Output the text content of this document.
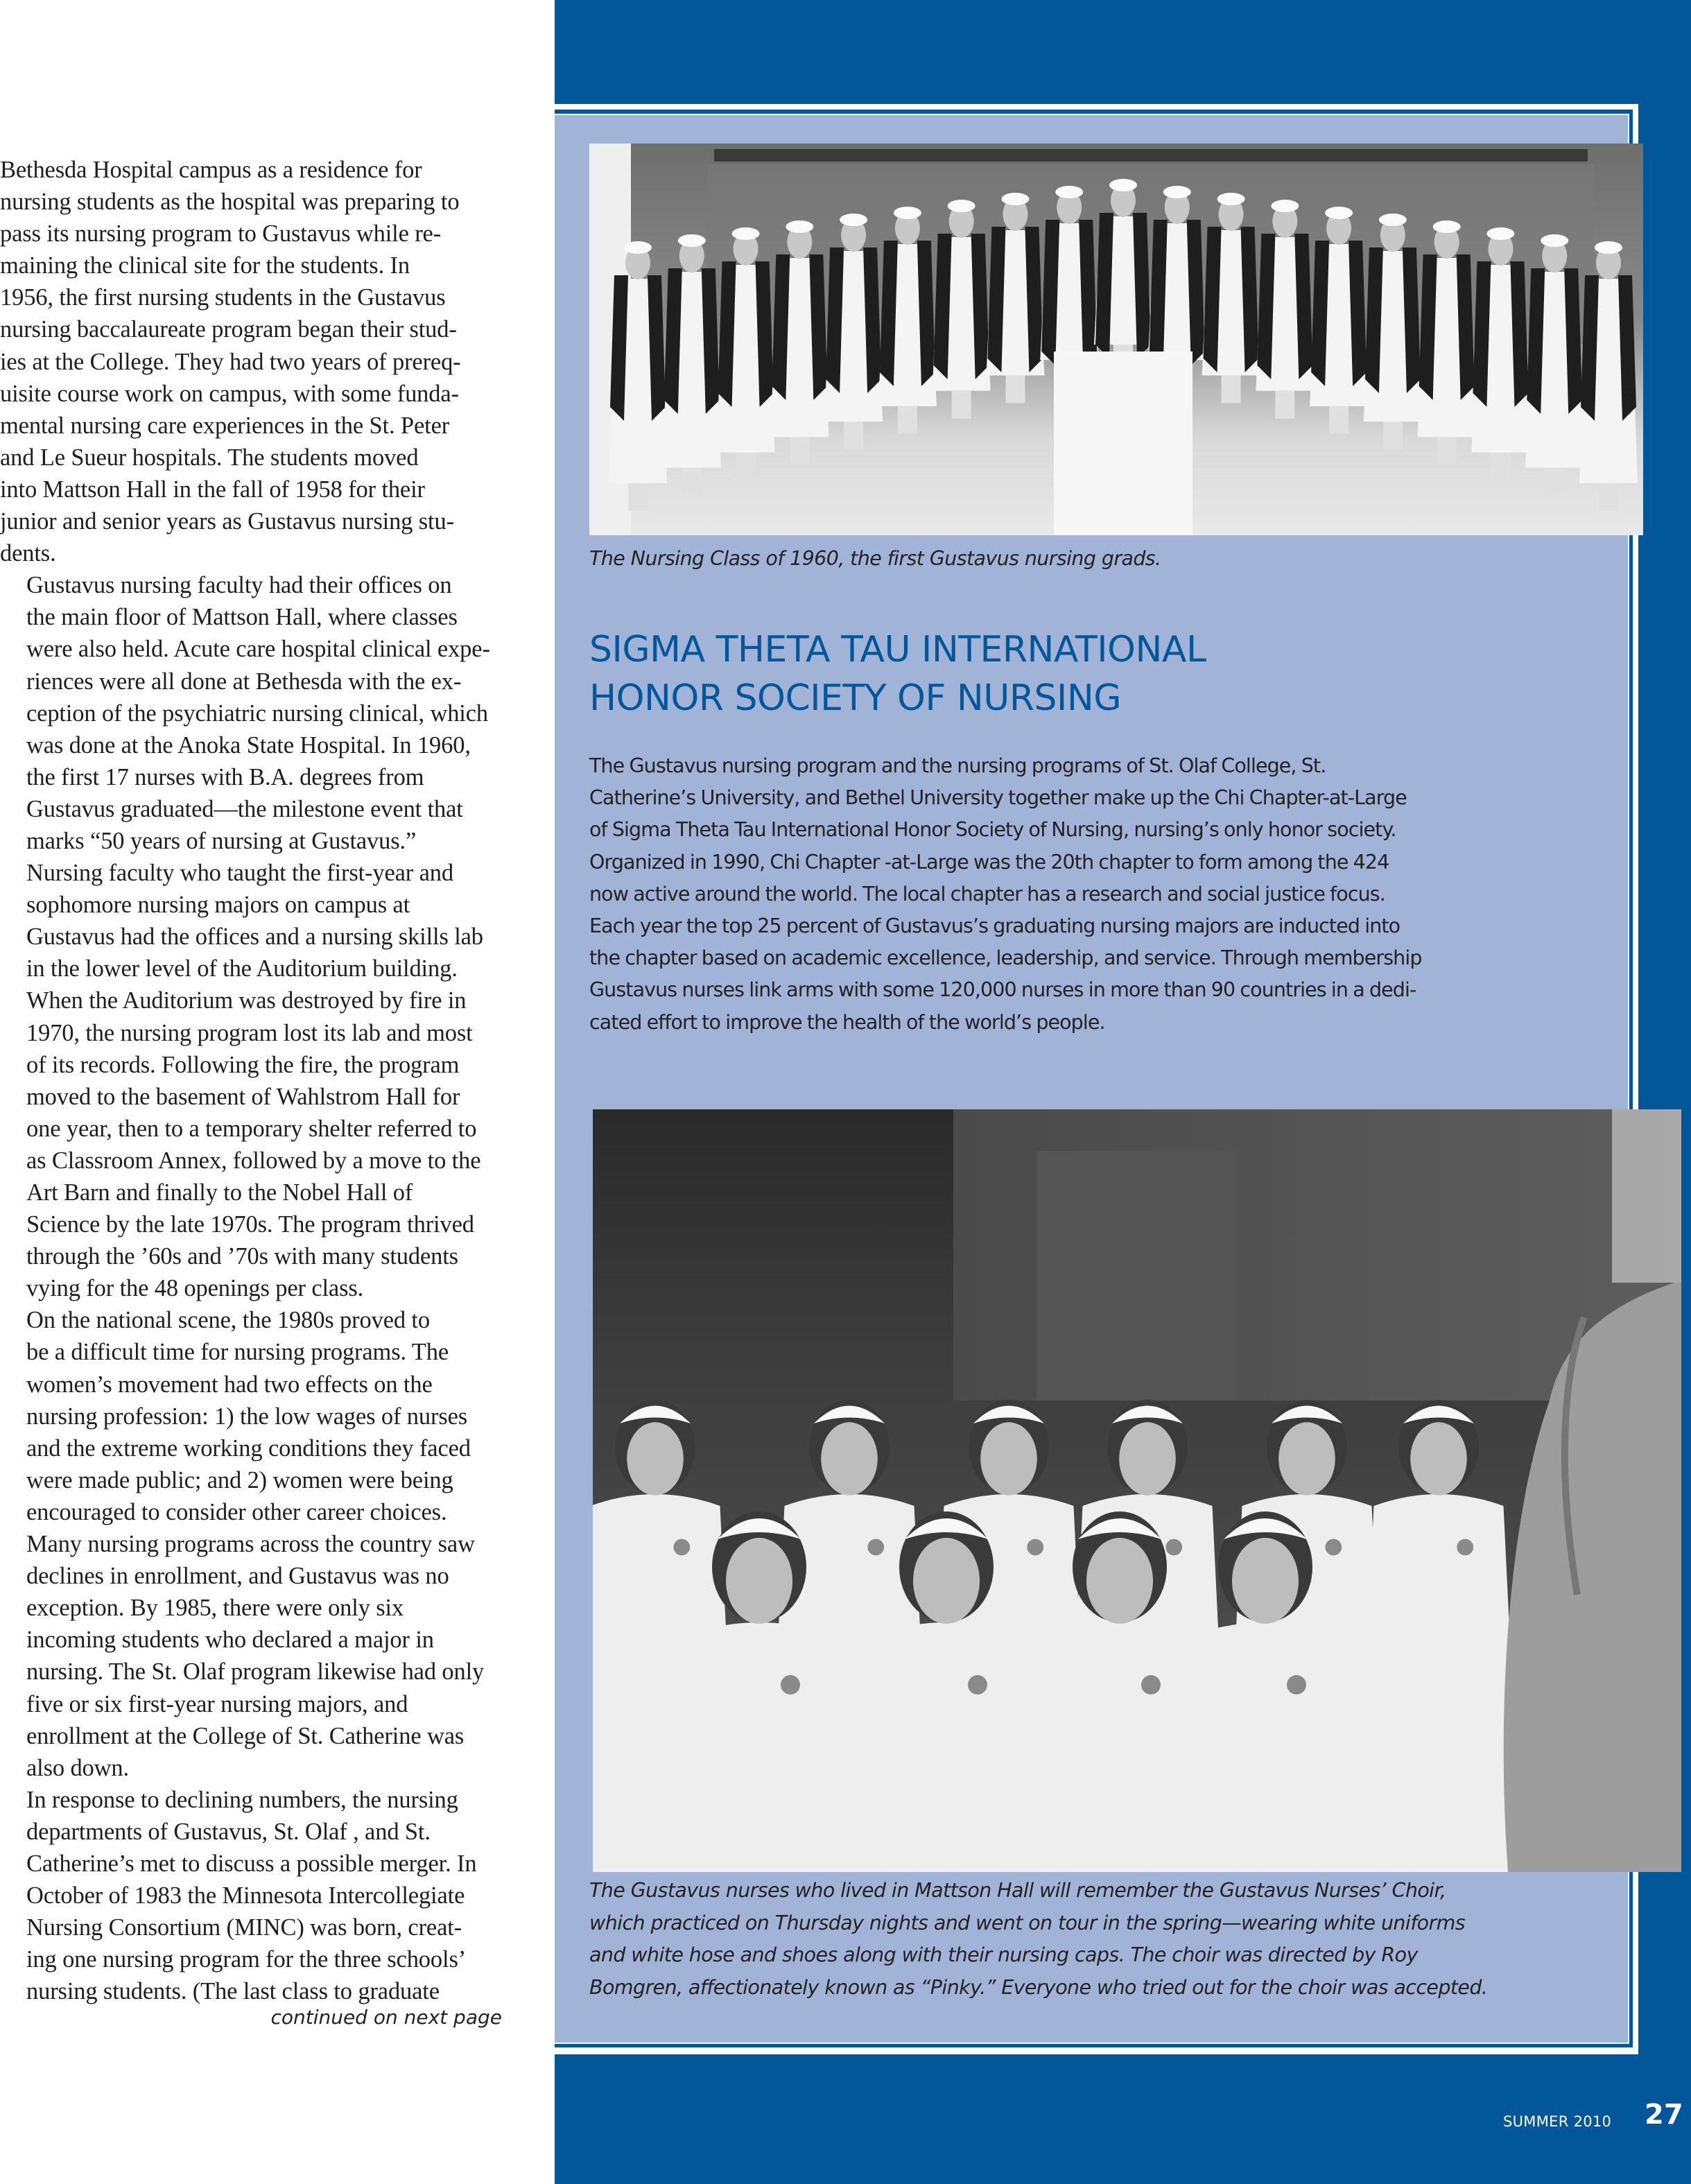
Bethesda Hospital campus as a residence for
nursing students as the hospital was preparing to
pass its nursing program to Gustavus while re-
maining the clinical site for the students. In
1956, the first nursing students in the Gustavus
nursing baccalaureate program began their stud-
ies at the College. They had two years of prereq-
uisite course work on campus, with some funda-
mental nursing care experiences in the St. Peter
and Le Sueur hospitals. The students moved
into Mattson Hall in the fall of 1958 for their
junior and senior years as Gustavus nursing stu-
dents.

Gustavus nursing faculty had their offices on
the main floor of Mattson Hall, where classes
were also held. Acute care hospital clinical expe-
riences were all done at Bethesda with the ex-
ception of the psychiatric nursing clinical, which
was done at the Anoka State Hospital. In 1960,
the first 17 nurses with B.A. degrees from
Gustavus graduated—the milestone event that
marks “50 years of nursing at Gustavus.”

Nursing faculty who taught the first-year and
sophomore nursing majors on campus at
Gustavus had the offices and a nursing skills lab
in the lower level of the Auditorium building.
When the Auditorium was destroyed by fire in
1970, the nursing program lost its lab and most
of its records. Following the fire, the program
moved to the basement of Wahlstrom Hall for
one year, then to a temporary shelter referred to
as Classroom Annex, followed by a move to the
Art Barn and finally to the Nobel Hall of
Science by the late 1970s. The program thrived
through the ’60s and ’70s with many students
vying for the 48 openings per class.

On the national scene, the 1980s proved to
be a difficult time for nursing programs. The
women’s movement had two effects on the
nursing profession: 1) the low wages of nurses
and the extreme working conditions they faced
were made public; and 2) women were being
encouraged to consider other career choices.
Many nursing programs across the country saw
declines in enrollment, and Gustavus was no
exception. By 1985, there were only six
incoming students who declared a major in
nursing. The St. Olaf program likewise had only
five or six first-year nursing majors, and
enrollment at the College of St. Catherine was
also down.

In response to declining numbers, the nursing
departments of Gustavus, St. Olaf , and St.
Catherine’s met to discuss a possible merger. In
October of 1983 the Minnesota Intercollegiate
Nursing Consortium (MINC) was born, creat-
ing one nursing program for the three schools’
nursing students. (The last class to graduate

continued on next page
The Nursing Class of 1960, the first Gustavus nursing grads.
SIGMA THETA TAU INTERNATIONAL
HONOR SOCIETY OF NURSING

The Gustavus nursing program and the nursing programs of St. Olaf College, St.
Catherine’s University, and Bethel University together make up the Chi Chapter-at-Large
of Sigma Theta Tau International Honor Society of Nursing, nursing’s only honor society.
Organized in 1990, Chi Chapter -at-Large was the 20th chapter to form among the 424
now active around the world. The local chapter has a research and social justice focus.
Each year the top 25 percent of Gustavus’s graduating nursing majors are inducted into
the chapter based on academic excellence, leadership, and service. Through membership
Gustavus nurses link arms with some 120,000 nurses in more than 90 countries in a dedi-
cated effort to improve the health of the world’s people.

The Gustavus nurses who lived in Mattson Hall will remember the Gustavus Nurses’ Choir,
which practiced on Thursday nights and went on tour in the spring—wearing white uniforms
and white hose and shoes along with their nursing caps. The choir was directed by Roy
Bomgren, affectionately known as “Pinky.” Everyone who tried out for the choir was accepted.
SUMMER 2010 27
